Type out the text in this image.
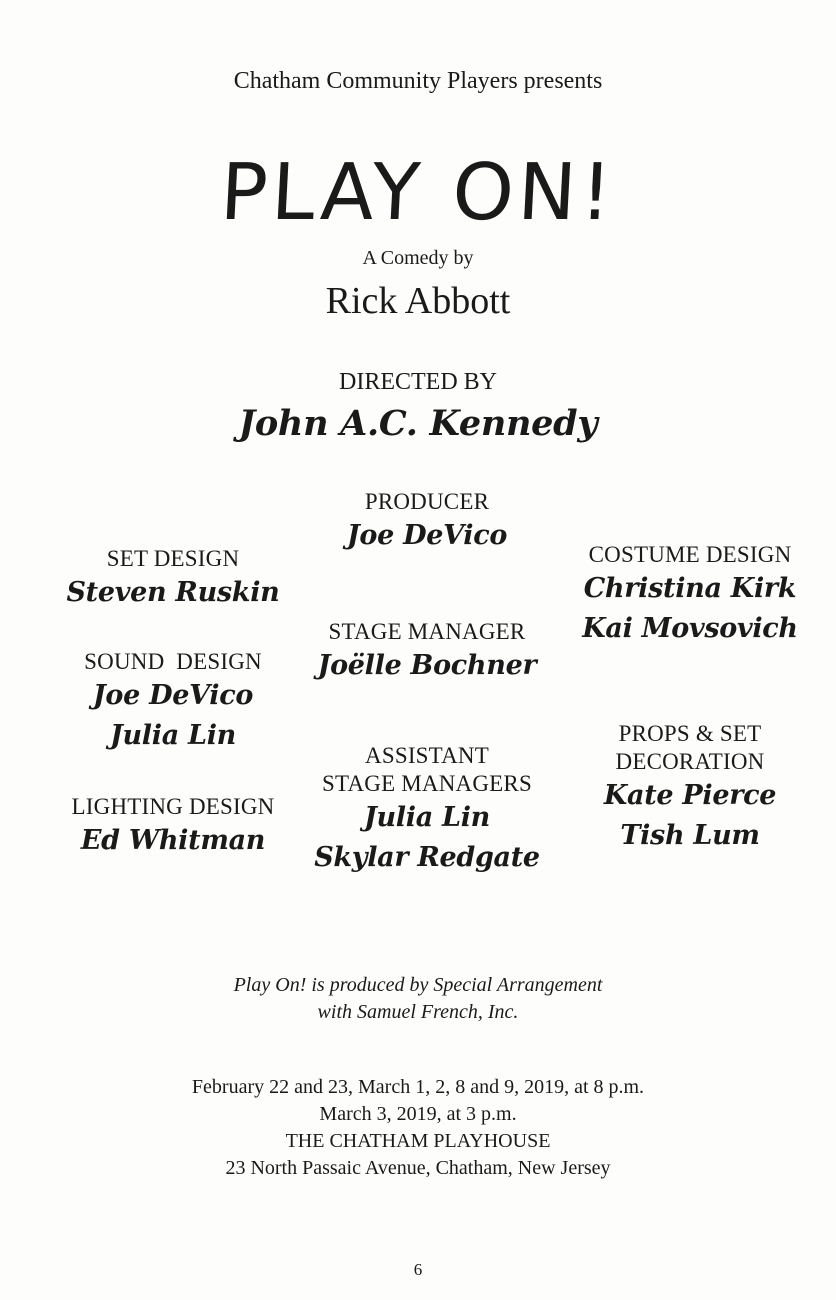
Chatham Community Players presents
PLAY ON!
A Comedy by
Rick Abbott
DIRECTED BY
John A.C. Kennedy
PRODUCER
Joe DeVico
STAGE MANAGER
Joëlle Bochner
ASSISTANT
STAGE MANAGERS
Julia Lin
Skylar Redgate
SET DESIGN
Steven Ruskin
SOUND  DESIGN
Joe DeVico
Julia Lin
LIGHTING DESIGN
Ed Whitman
COSTUME DESIGN
Christina Kirk
Kai Movsovich
PROPS & SET
DECORATION
Kate Pierce
Tish Lum
Play On! is produced by Special Arrangement
with Samuel French, Inc.
February 22 and 23, March 1, 2, 8 and 9, 2019, at 8 p.m.
March 3, 2019, at 3 p.m.
THE CHATHAM PLAYHOUSE
23 North Passaic Avenue, Chatham, New Jersey
6
